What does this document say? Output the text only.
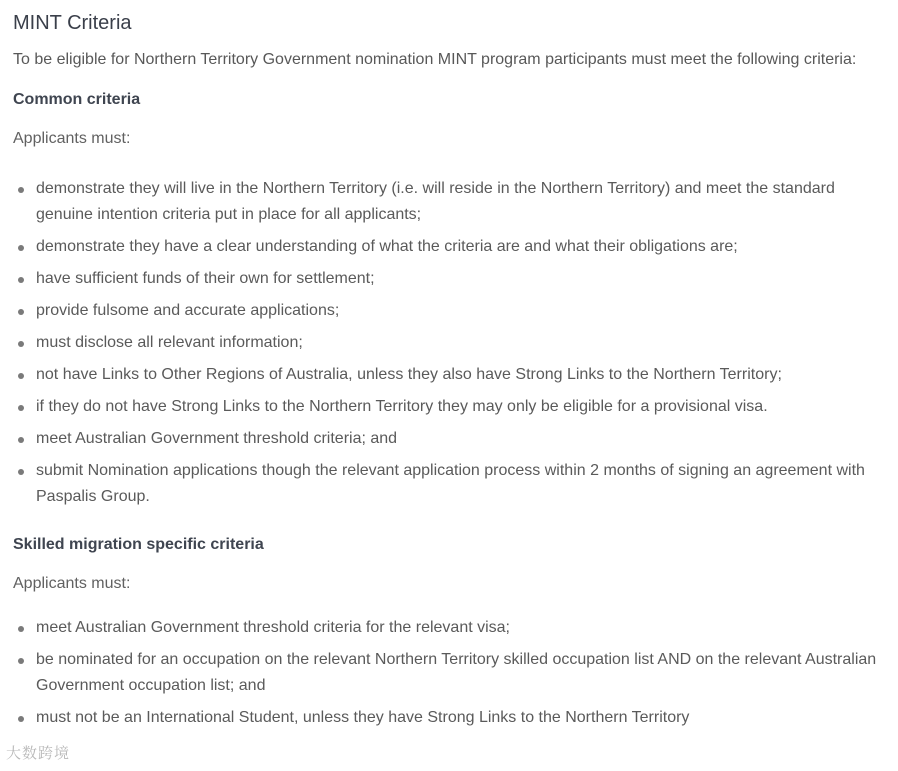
MINT Criteria

To be eligible for Northern Territory Government nomination MINT program participants must meet the following criteria:

Common criteria

Applicants must:

demonstrate they will live in the Northern Territory (i.e. will reside in the Northern Territory) and meet the standard genuine intention criteria put in place for all applicants;
demonstrate they have a clear understanding of what the criteria are and what their obligations are;
have sufficient funds of their own for settlement;
provide fulsome and accurate applications;
must disclose all relevant information;
not have Links to Other Regions of Australia, unless they also have Strong Links to the Northern Territory;
if they do not have Strong Links to the Northern Territory they may only be eligible for a provisional visa.
meet Australian Government threshold criteria; and
submit Nomination applications though the relevant application process within 2 months of signing an agreement with Paspalis Group.
Skilled migration specific criteria

Applicants must:

meet Australian Government threshold criteria for the relevant visa;
be nominated for an occupation on the relevant Northern Territory skilled occupation list AND on the relevant Australian Government occupation list; and
must not be an International Student, unless they have Strong Links to the Northern Territory
大数跨境
